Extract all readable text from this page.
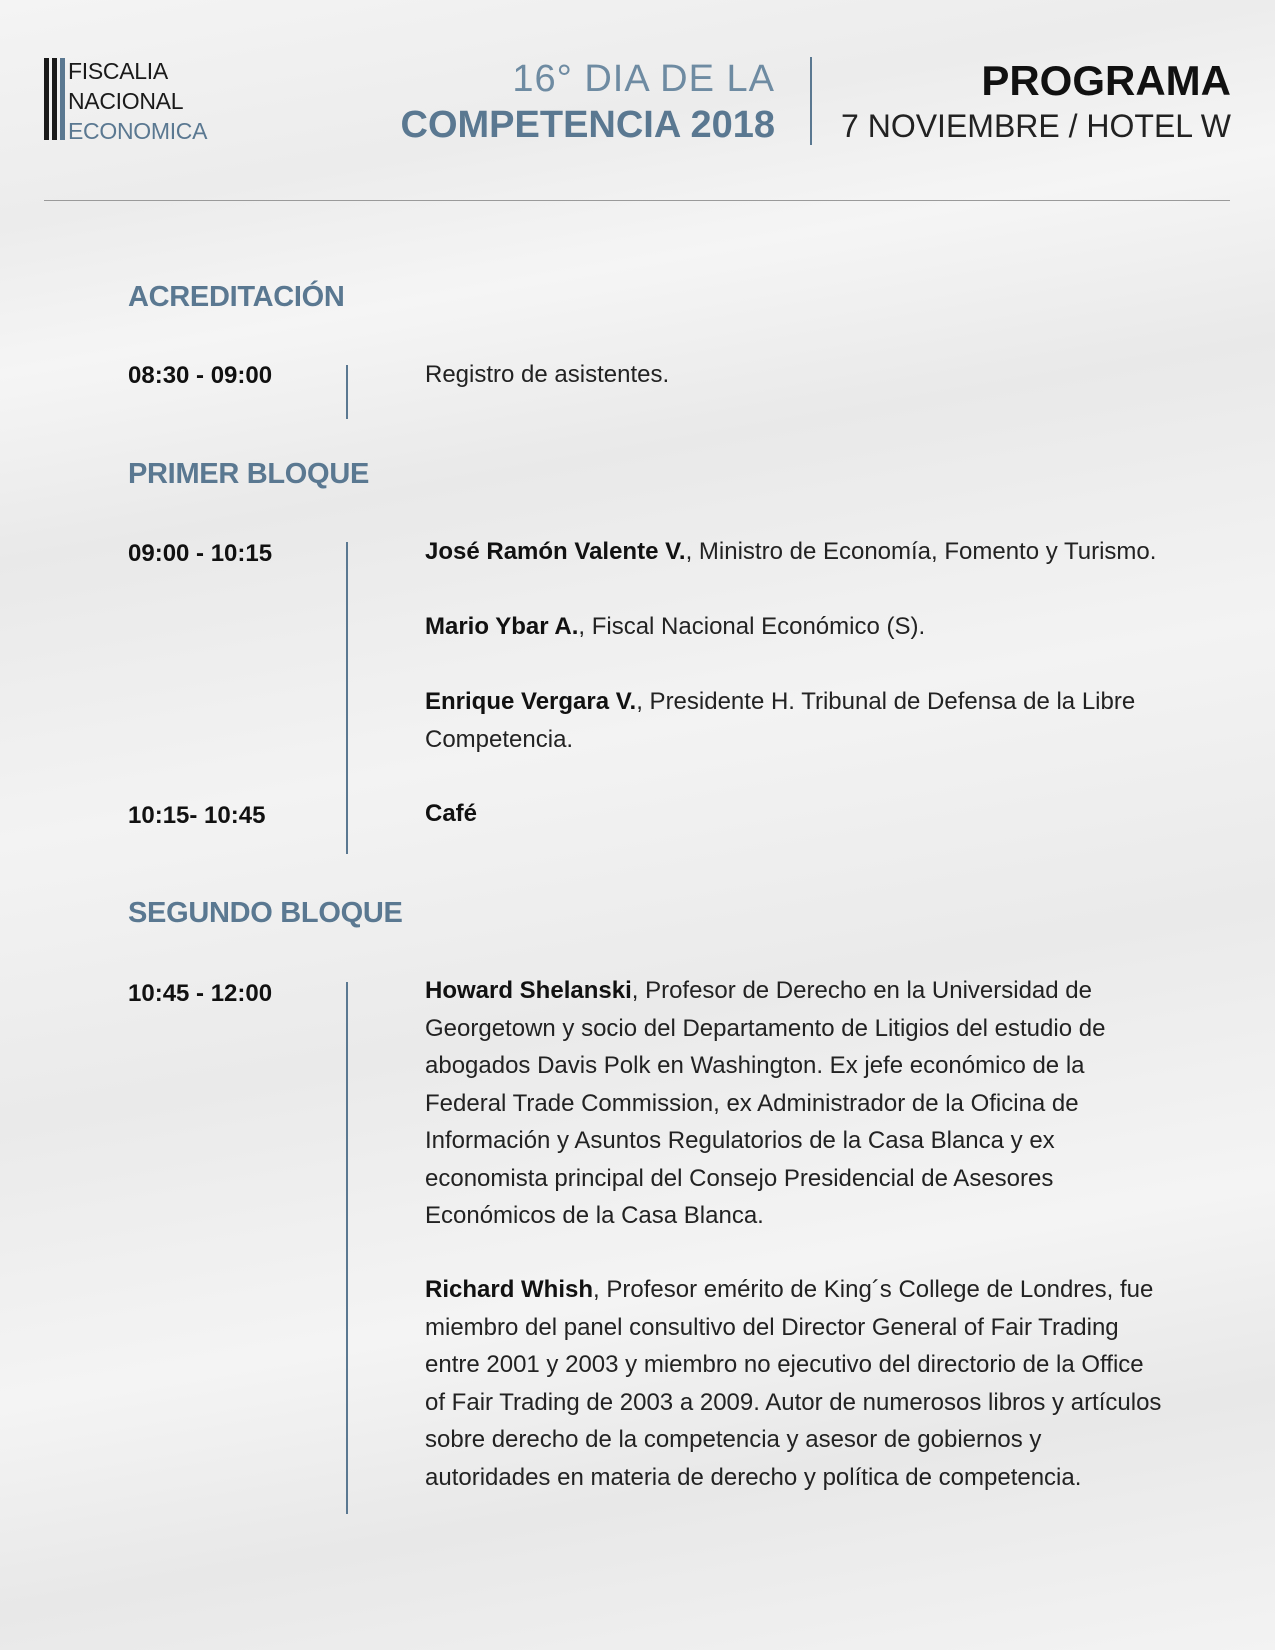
FISCALIA
NACIONAL
ECONOMICA
16° DIA DE LA
COMPETENCIA 2018
PROGRAMA
7 NOVIEMBRE / HOTEL W
ACREDITACIÓN
08:30 - 09:00	Registro de asistentes.
PRIMER BLOQUE
09:00 - 10:15	José Ramón Valente V., Ministro de Economía, Fomento y Turismo.
Mario Ybar A., Fiscal Nacional Económico (S).
Enrique Vergara V., Presidente H. Tribunal de Defensa de la Libre Competencia.
10:15- 10:45	Café
SEGUNDO BLOQUE
10:45 - 12:00	Howard Shelanski, Profesor de Derecho en la Universidad de Georgetown y socio del Departamento de Litigios del estudio de abogados Davis Polk en Washington. Ex jefe económico de la Federal Trade Commission, ex Administrador de la Oficina de Información y Asuntos Regulatorios de la Casa Blanca y ex economista principal del Consejo Presidencial de Asesores Económicos de la Casa Blanca.
Richard Whish, Profesor emérito de King´s College de Londres, fue miembro del panel consultivo del Director General of Fair Trading entre 2001 y 2003 y miembro no ejecutivo del directorio de la Office of Fair Trading de 2003 a 2009. Autor de numerosos libros y artículos sobre derecho de la competencia y asesor de gobiernos y autoridades en materia de derecho y política de competencia.
